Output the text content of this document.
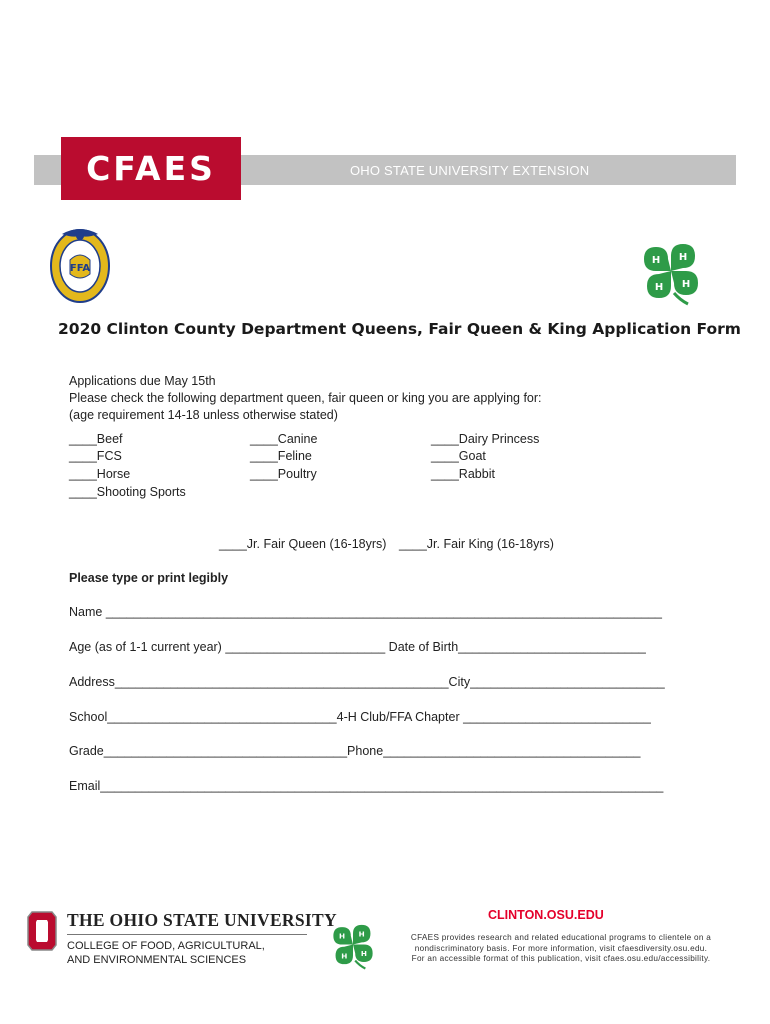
OHO STATE UNIVERSITY EXTENSION
CFAES
FFA
H H
H
H
2020 Clinton County Department Queens, Fair Queen & King Application Form
Applications due May 15th
Please check the following department queen, fair queen or king you are applying for:
(age requirement 14-18 unless otherwise stated)
____Beef
____FCS
____Horse
____Shooting Sports
____Canine
____Feline
____Poultry
____Dairy Princess
____Goat
____Rabbit
____Jr. Fair Queen (16-18yrs) ____Jr. Fair King (16-18yrs)
Please type or print legibly
Name ________________________________________________________________________________
Age (as of 1-1 current year) _______________________ Date of Birth___________________________
Address________________________________________________City____________________________
School_________________________________4-H Club/FFA Chapter ___________________________
Grade___________________________________Phone_____________________________________
Email_________________________________________________________________________________
THE OHIO STATE UNIVERSITY
COLLEGE OF FOOD, AGRICULTURAL,
AND ENVIRONMENTAL SCIENCES
H H
H
H
CLINTON.OSU.EDU
CFAES provides research and related educational programs to clientele on a
nondiscriminatory basis. For more information, visit cfaesdiversity.osu.edu.
For an accessible format of this publication, visit cfaes.osu.edu/accessibility.
